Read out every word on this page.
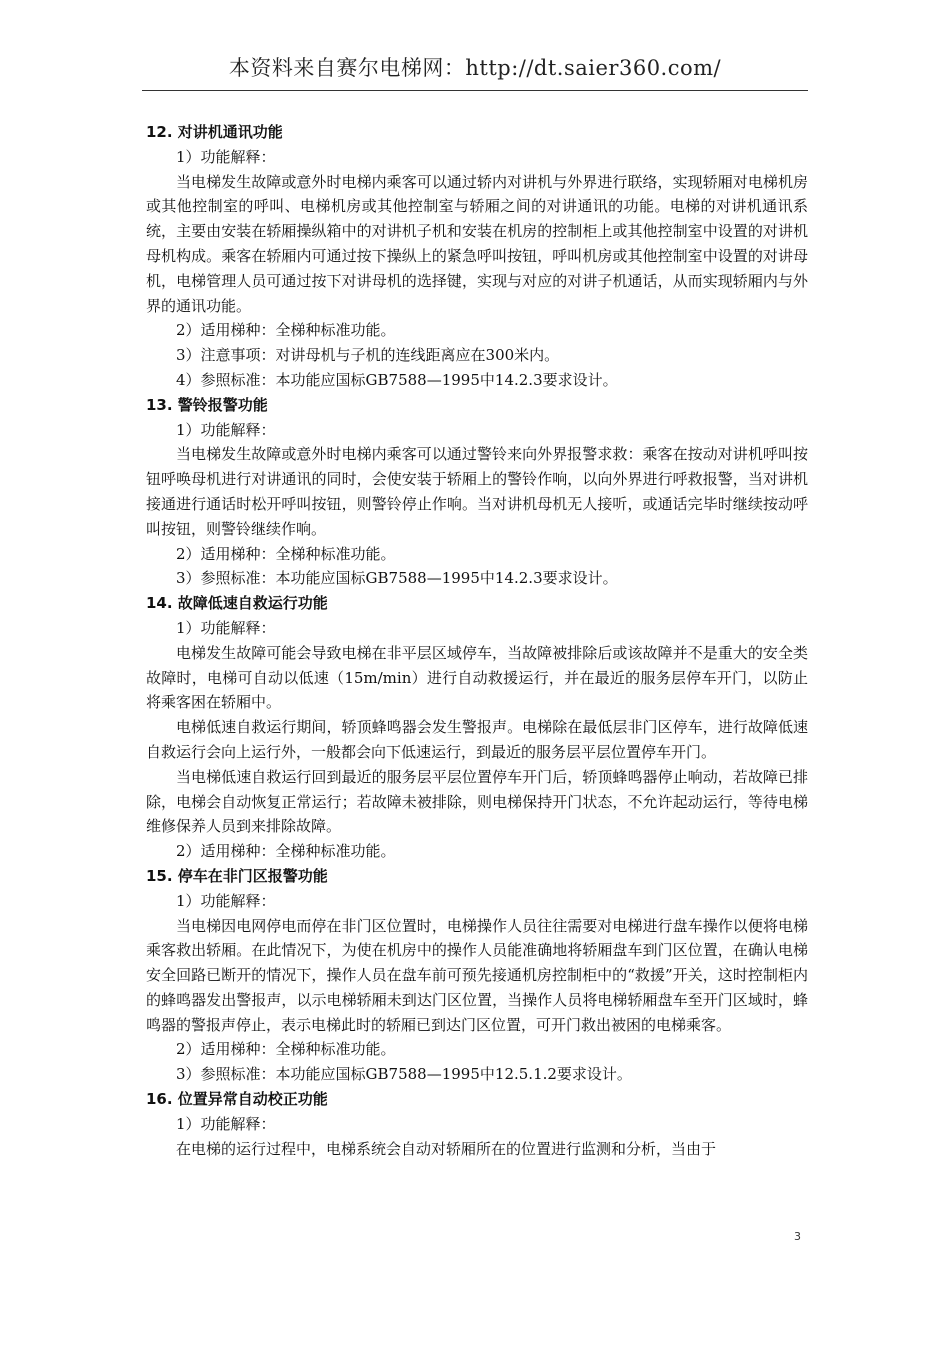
本资料来自赛尔电梯网：http://dt.saier360.com/

12. 对讲机通讯功能

1）功能解释：

当电梯发生故障或意外时电梯内乘客可以通过轿内对讲机与外界进行联络，实现轿厢对电梯机房或其他控制室的呼叫、电梯机房或其他控制室与轿厢之间的对讲通讯的功能。电梯的对讲机通讯系统，主要由安装在轿厢操纵箱中的对讲机子机和安装在机房的控制柜上或其他控制室中设置的对讲机母机构成。乘客在轿厢内可通过按下操纵上的紧急呼叫按钮，呼叫机房或其他控制室中设置的对讲母机，电梯管理人员可通过按下对讲母机的选择键，实现与对应的对讲子机通话，从而实现轿厢内与外界的通讯功能。

2）适用梯种：全梯种标准功能。

3）注意事项：对讲母机与子机的连线距离应在300米内。

4）参照标准：本功能应国标GB7588—1995中14.2.3要求设计。

13. 警铃报警功能

1）功能解释：

当电梯发生故障或意外时电梯内乘客可以通过警铃来向外界报警求救：乘客在按动对讲机呼叫按钮呼唤母机进行对讲通讯的同时，会使安装于轿厢上的警铃作响，以向外界进行呼救报警，当对讲机接通进行通话时松开呼叫按钮，则警铃停止作响。当对讲机母机无人接听，或通话完毕时继续按动呼叫按钮，则警铃继续作响。

2）适用梯种：全梯种标准功能。

3）参照标准：本功能应国标GB7588—1995中14.2.3要求设计。

14. 故障低速自救运行功能

1）功能解释：

电梯发生故障可能会导致电梯在非平层区域停车，当故障被排除后或该故障并不是重大的安全类故障时，电梯可自动以低速（15m/min）进行自动救援运行，并在最近的服务层停车开门，以防止将乘客困在轿厢中。

电梯低速自救运行期间，轿顶蜂鸣器会发生警报声。电梯除在最低层非门区停车，进行故障低速自救运行会向上运行外，一般都会向下低速运行，到最近的服务层平层位置停车开门。

当电梯低速自救运行回到最近的服务层平层位置停车开门后，轿顶蜂鸣器停止响动，若故障已排除，电梯会自动恢复正常运行；若故障未被排除，则电梯保持开门状态，不允许起动运行，等待电梯维修保养人员到来排除故障。

2）适用梯种：全梯种标准功能。

15. 停车在非门区报警功能

1）功能解释：

当电梯因电网停电而停在非门区位置时，电梯操作人员往往需要对电梯进行盘车操作以便将电梯乘客救出轿厢。在此情况下，为使在机房中的操作人员能准确地将轿厢盘车到门区位置，在确认电梯安全回路已断开的情况下，操作人员在盘车前可预先接通机房控制柜中的“救援”开关，这时控制柜内的蜂鸣器发出警报声，以示电梯轿厢未到达门区位置，当操作人员将电梯轿厢盘车至开门区域时，蜂鸣器的警报声停止，表示电梯此时的轿厢已到达门区位置，可开门救出被困的电梯乘客。

2）适用梯种：全梯种标准功能。

3）参照标准：本功能应国标GB7588—1995中12.5.1.2要求设计。

16. 位置异常自动校正功能

1）功能解释：

在电梯的运行过程中，电梯系统会自动对轿厢所在的位置进行监测和分析，当由于

3
